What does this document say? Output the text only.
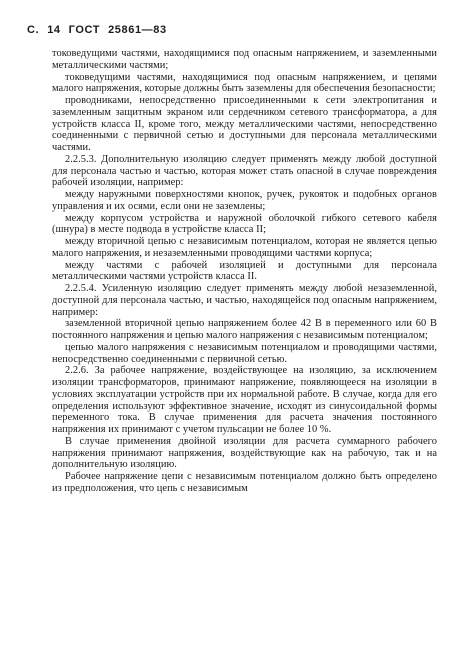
С. 14 ГОСТ 25861—83

токоведущими частями, находящимися под опасным напряжением, и заземленными металлическими частями;

токоведущими частями, находящимися под опасным напряжением, и цепями малого напряжения, которые должны быть заземлены для обеспечения безопасности;

проводниками, непосредственно присоединенными к сети электропитания и заземленным защитным экраном или сердечником сетевого трансформатора, а для устройств класса II, кроме того, между металлическими частями, непосредственно соединенными с первичной сетью и доступными для персонала металлическими частями.

2.2.5.3. Дополнительную изоляцию следует применять между любой доступной для персонала частью и частью, которая может стать опасной в случае повреждения рабочей изоляции, например:

между наружными поверхностями кнопок, ручек, рукояток и подобных органов управления и их осями, если они не заземлены;

между корпусом устройства и наружной оболочкой гибкого сетевого кабеля (шнура) в месте подвода в устройстве класса II;

между вторичной цепью с независимым потенциалом, которая не является цепью малого напряжения, и незаземленными проводящими частями корпуса;

между частями с рабочей изоляцией и доступными для персонала металлическими частями устройств класса II.

2.2.5.4. Усиленную изоляцию следует применять между любой незаземленной, доступной для персонала частью, и частью, находящейся под опасным напряжением, например:

заземленной вторичной цепью напряжением более 42 В в переменного или 60 В постоянного напряжения и цепью малого напряжения с независимым потенциалом;

цепью малого напряжения с независимым потенциалом и проводящими частями, непосредственно соединенными с первичной сетью.

2.2.6. За рабочее напряжение, воздействующее на изоляцию, за исключением изоляции трансформаторов, принимают напряжение, появляющееся на изоляции в условиях эксплуатации устройств при их нормальной работе. В случае, когда для его определения используют эффективное значение, исходят из синусоидальной формы переменного тока. В случае применения для расчета значения постоянного напряжения их принимают с учетом пульсации не более 10 %.

В случае применения двойной изоляции для расчета суммарного рабочего напряжения принимают напряжения, воздействующие как на рабочую, так и на дополнительную изоляцию.

Рабочее напряжение цепи с независимым потенциалом должно быть определено из предположения, что цепь с независимым
